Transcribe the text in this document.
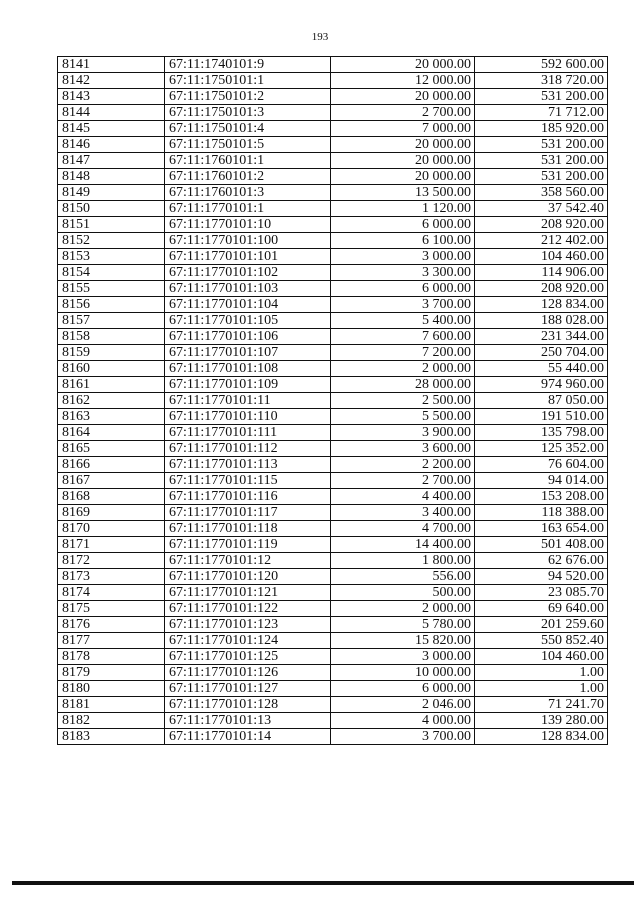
193
8141	67:11:1740101:9	20 000.00	592 600.00
8142	67:11:1750101:1	12 000.00	318 720.00
8143	67:11:1750101:2	20 000.00	531 200.00
8144	67:11:1750101:3	2 700.00	71 712.00
8145	67:11:1750101:4	7 000.00	185 920.00
8146	67:11:1750101:5	20 000.00	531 200.00
8147	67:11:1760101:1	20 000.00	531 200.00
8148	67:11:1760101:2	20 000.00	531 200.00
8149	67:11:1760101:3	13 500.00	358 560.00
8150	67:11:1770101:1	1 120.00	37 542.40
8151	67:11:1770101:10	6 000.00	208 920.00
8152	67:11:1770101:100	6 100.00	212 402.00
8153	67:11:1770101:101	3 000.00	104 460.00
8154	67:11:1770101:102	3 300.00	114 906.00
8155	67:11:1770101:103	6 000.00	208 920.00
8156	67:11:1770101:104	3 700.00	128 834.00
8157	67:11:1770101:105	5 400.00	188 028.00
8158	67:11:1770101:106	7 600.00	231 344.00
8159	67:11:1770101:107	7 200.00	250 704.00
8160	67:11:1770101:108	2 000.00	55 440.00
8161	67:11:1770101:109	28 000.00	974 960.00
8162	67:11:1770101:11	2 500.00	87 050.00
8163	67:11:1770101:110	5 500.00	191 510.00
8164	67:11:1770101:111	3 900.00	135 798.00
8165	67:11:1770101:112	3 600.00	125 352.00
8166	67:11:1770101:113	2 200.00	76 604.00
8167	67:11:1770101:115	2 700.00	94 014.00
8168	67:11:1770101:116	4 400.00	153 208.00
8169	67:11:1770101:117	3 400.00	118 388.00
8170	67:11:1770101:118	4 700.00	163 654.00
8171	67:11:1770101:119	14 400.00	501 408.00
8172	67:11:1770101:12	1 800.00	62 676.00
8173	67:11:1770101:120	556.00	94 520.00
8174	67:11:1770101:121	500.00	23 085.70
8175	67:11:1770101:122	2 000.00	69 640.00
8176	67:11:1770101:123	5 780.00	201 259.60
8177	67:11:1770101:124	15 820.00	550 852.40
8178	67:11:1770101:125	3 000.00	104 460.00
8179	67:11:1770101:126	10 000.00	1.00
8180	67:11:1770101:127	6 000.00	1.00
8181	67:11:1770101:128	2 046.00	71 241.70
8182	67:11:1770101:13	4 000.00	139 280.00
8183	67:11:1770101:14	3 700.00	128 834.00
